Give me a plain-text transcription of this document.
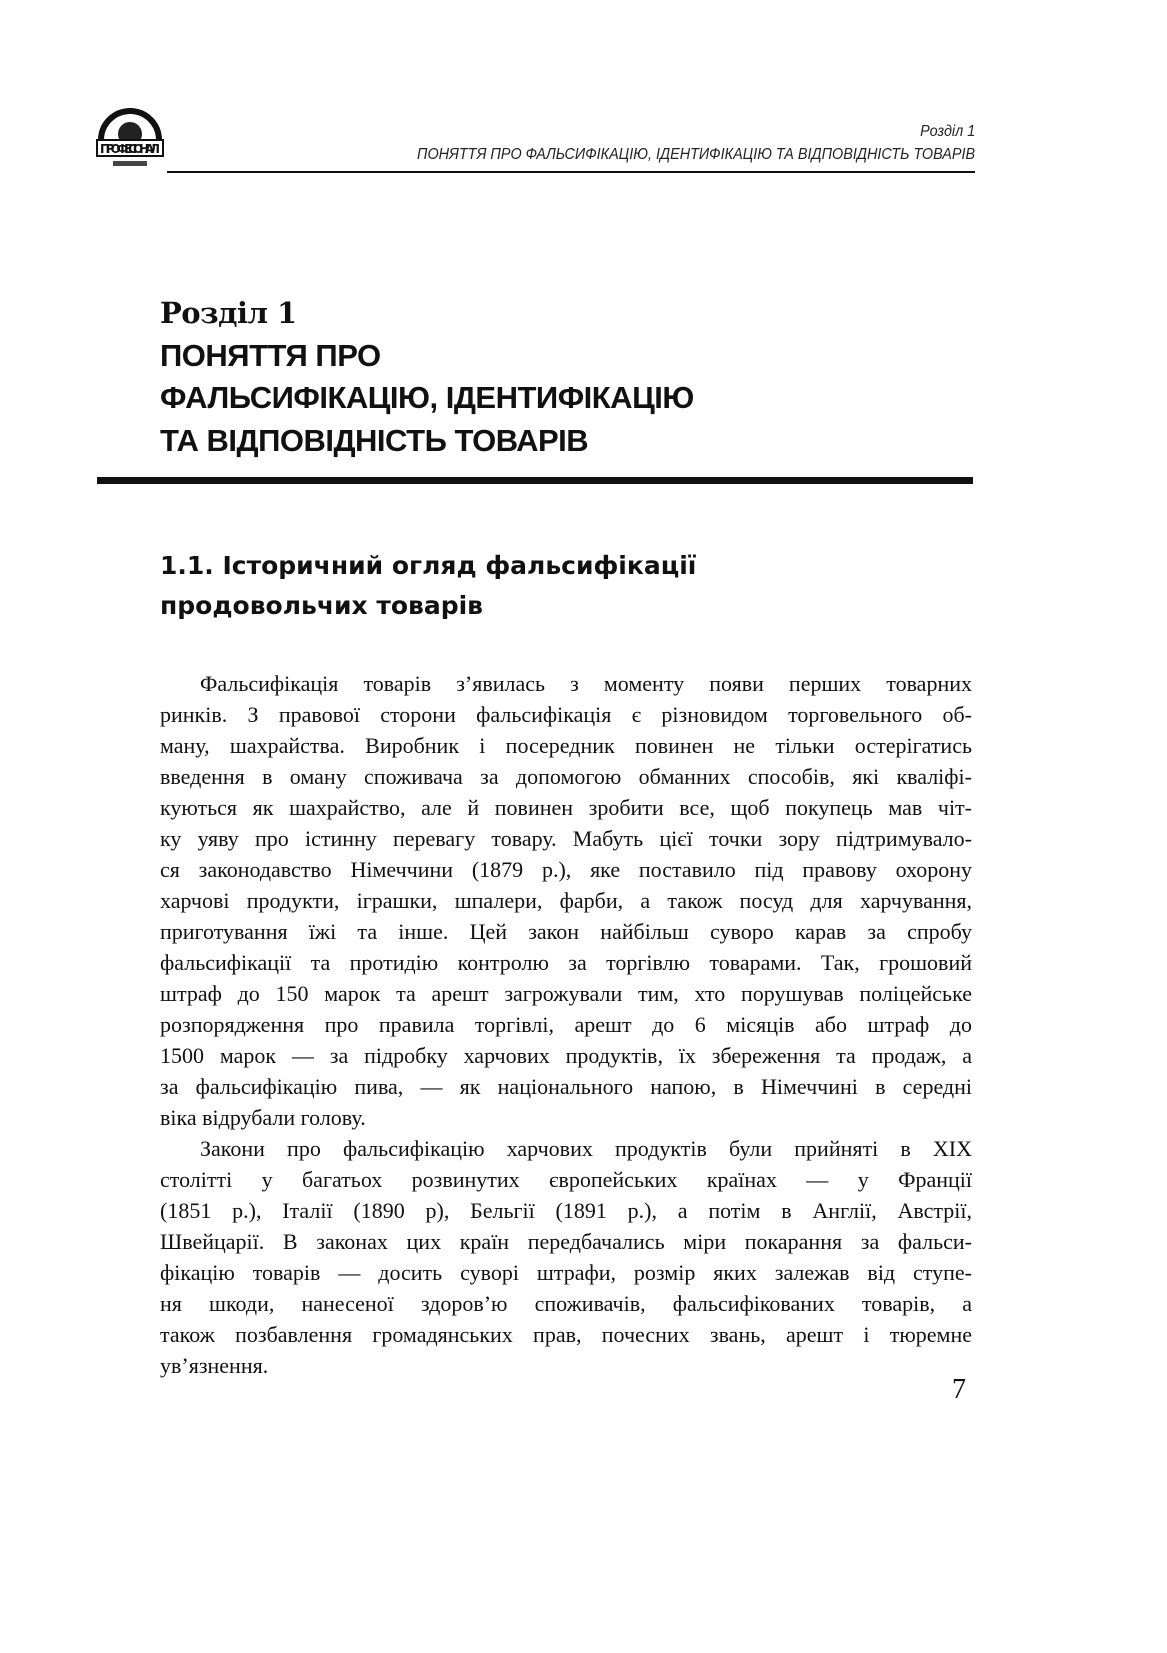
ПРОФЕСІОНАЛ
Розділ 1
ПОНЯТТЯ ПРО ФАЛЬСИФІКАЦІЮ, ІДЕНТИФІКАЦІЮ ТА ВІДПОВІДНІСТЬ ТОВАРІВ
Розділ 1
ПОНЯТТЯ ПРО
ФАЛЬСИФІКАЦІЮ, ІДЕНТИФІКАЦІЮ
ТА ВІДПОВІДНІСТЬ ТОВАРІВ
1.1. Історичний огляд фальсифікації
продовольчих товарів
Фальсифікація товарів з’явилась з моменту появи перших товарних
ринків. З правової сторони фальсифікація є різновидом торговельного об-
ману, шахрайства. Виробник і посередник повинен не тільки остерігатись
введення в оману споживача за допомогою обманних способів, які кваліфі-
куються як шахрайство, але й повинен зробити все, щоб покупець мав чіт-
ку уяву про істинну перевагу товару. Мабуть цієї точки зору підтримувало-
ся законодавство Німеччини (1879 р.), яке поставило під правову охорону
харчові продукти, іграшки, шпалери, фарби, а також посуд для харчування,
приготування їжі та інше. Цей закон найбільш суворо карав за спробу
фальсифікації та протидію контролю за торгівлю товарами. Так, грошовий
штраф до 150 марок та арешт загрожували тим, хто порушував поліцейське
розпорядження про правила торгівлі, арешт до 6 місяців або штраф до
1500 марок — за підробку харчових продуктів, їх збереження та продаж, а
за фальсифікацію пива, — як національного напою, в Німеччині в середні
віка відрубали голову.
Закони про фальсифікацію харчових продуктів були прийняті в XIX
столітті у багатьох розвинутих європейських країнах — у Франції
(1851 р.), Італії (1890 р), Бельгії (1891 р.), а потім в Англії, Австрії,
Швейцарії. В законах цих країн передбачались міри покарання за фальси-
фікацію товарів — досить суворі штрафи, розмір яких залежав від ступе-
ня шкоди, нанесеної здоров’ю споживачів, фальсифікованих товарів, а
також позбавлення громадянських прав, почесних звань, арешт і тюремне
ув’язнення.
7
